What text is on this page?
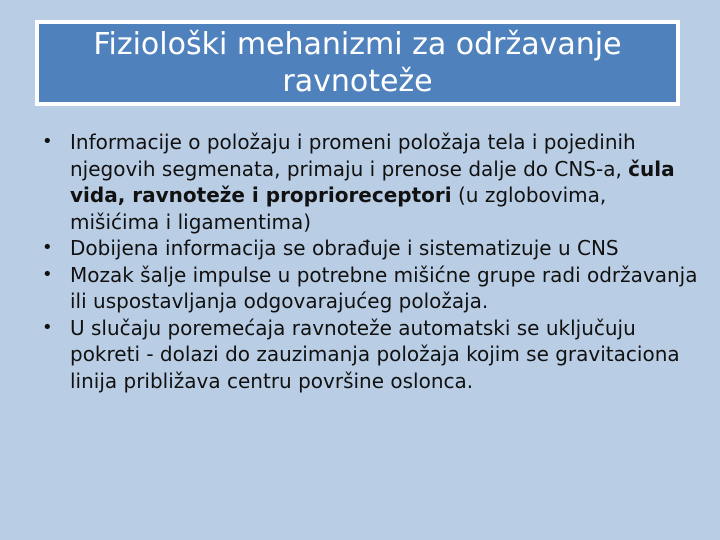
Fiziološki mehanizmi za održavanje ravnoteže
• Informacije o položaju i promeni položaja tela i pojedinih njegovih segmenata, primaju i prenose dalje do CNS-a, čula vida, ravnoteže i proprioreceptori (u zglobovima, mišićima i ligamentima)
• Dobijena informacija se obrađuje i sistematizuje u CNS
• Mozak šalje impulse u potrebne mišićne grupe radi održavanja ili uspostavljanja odgovarajućeg položaja.
• U slučaju poremećaja ravnoteže automatski se uključuju pokreti - dolazi do zauzimanja položaja kojim se gravitaciona linija približava centru površine oslonca.
